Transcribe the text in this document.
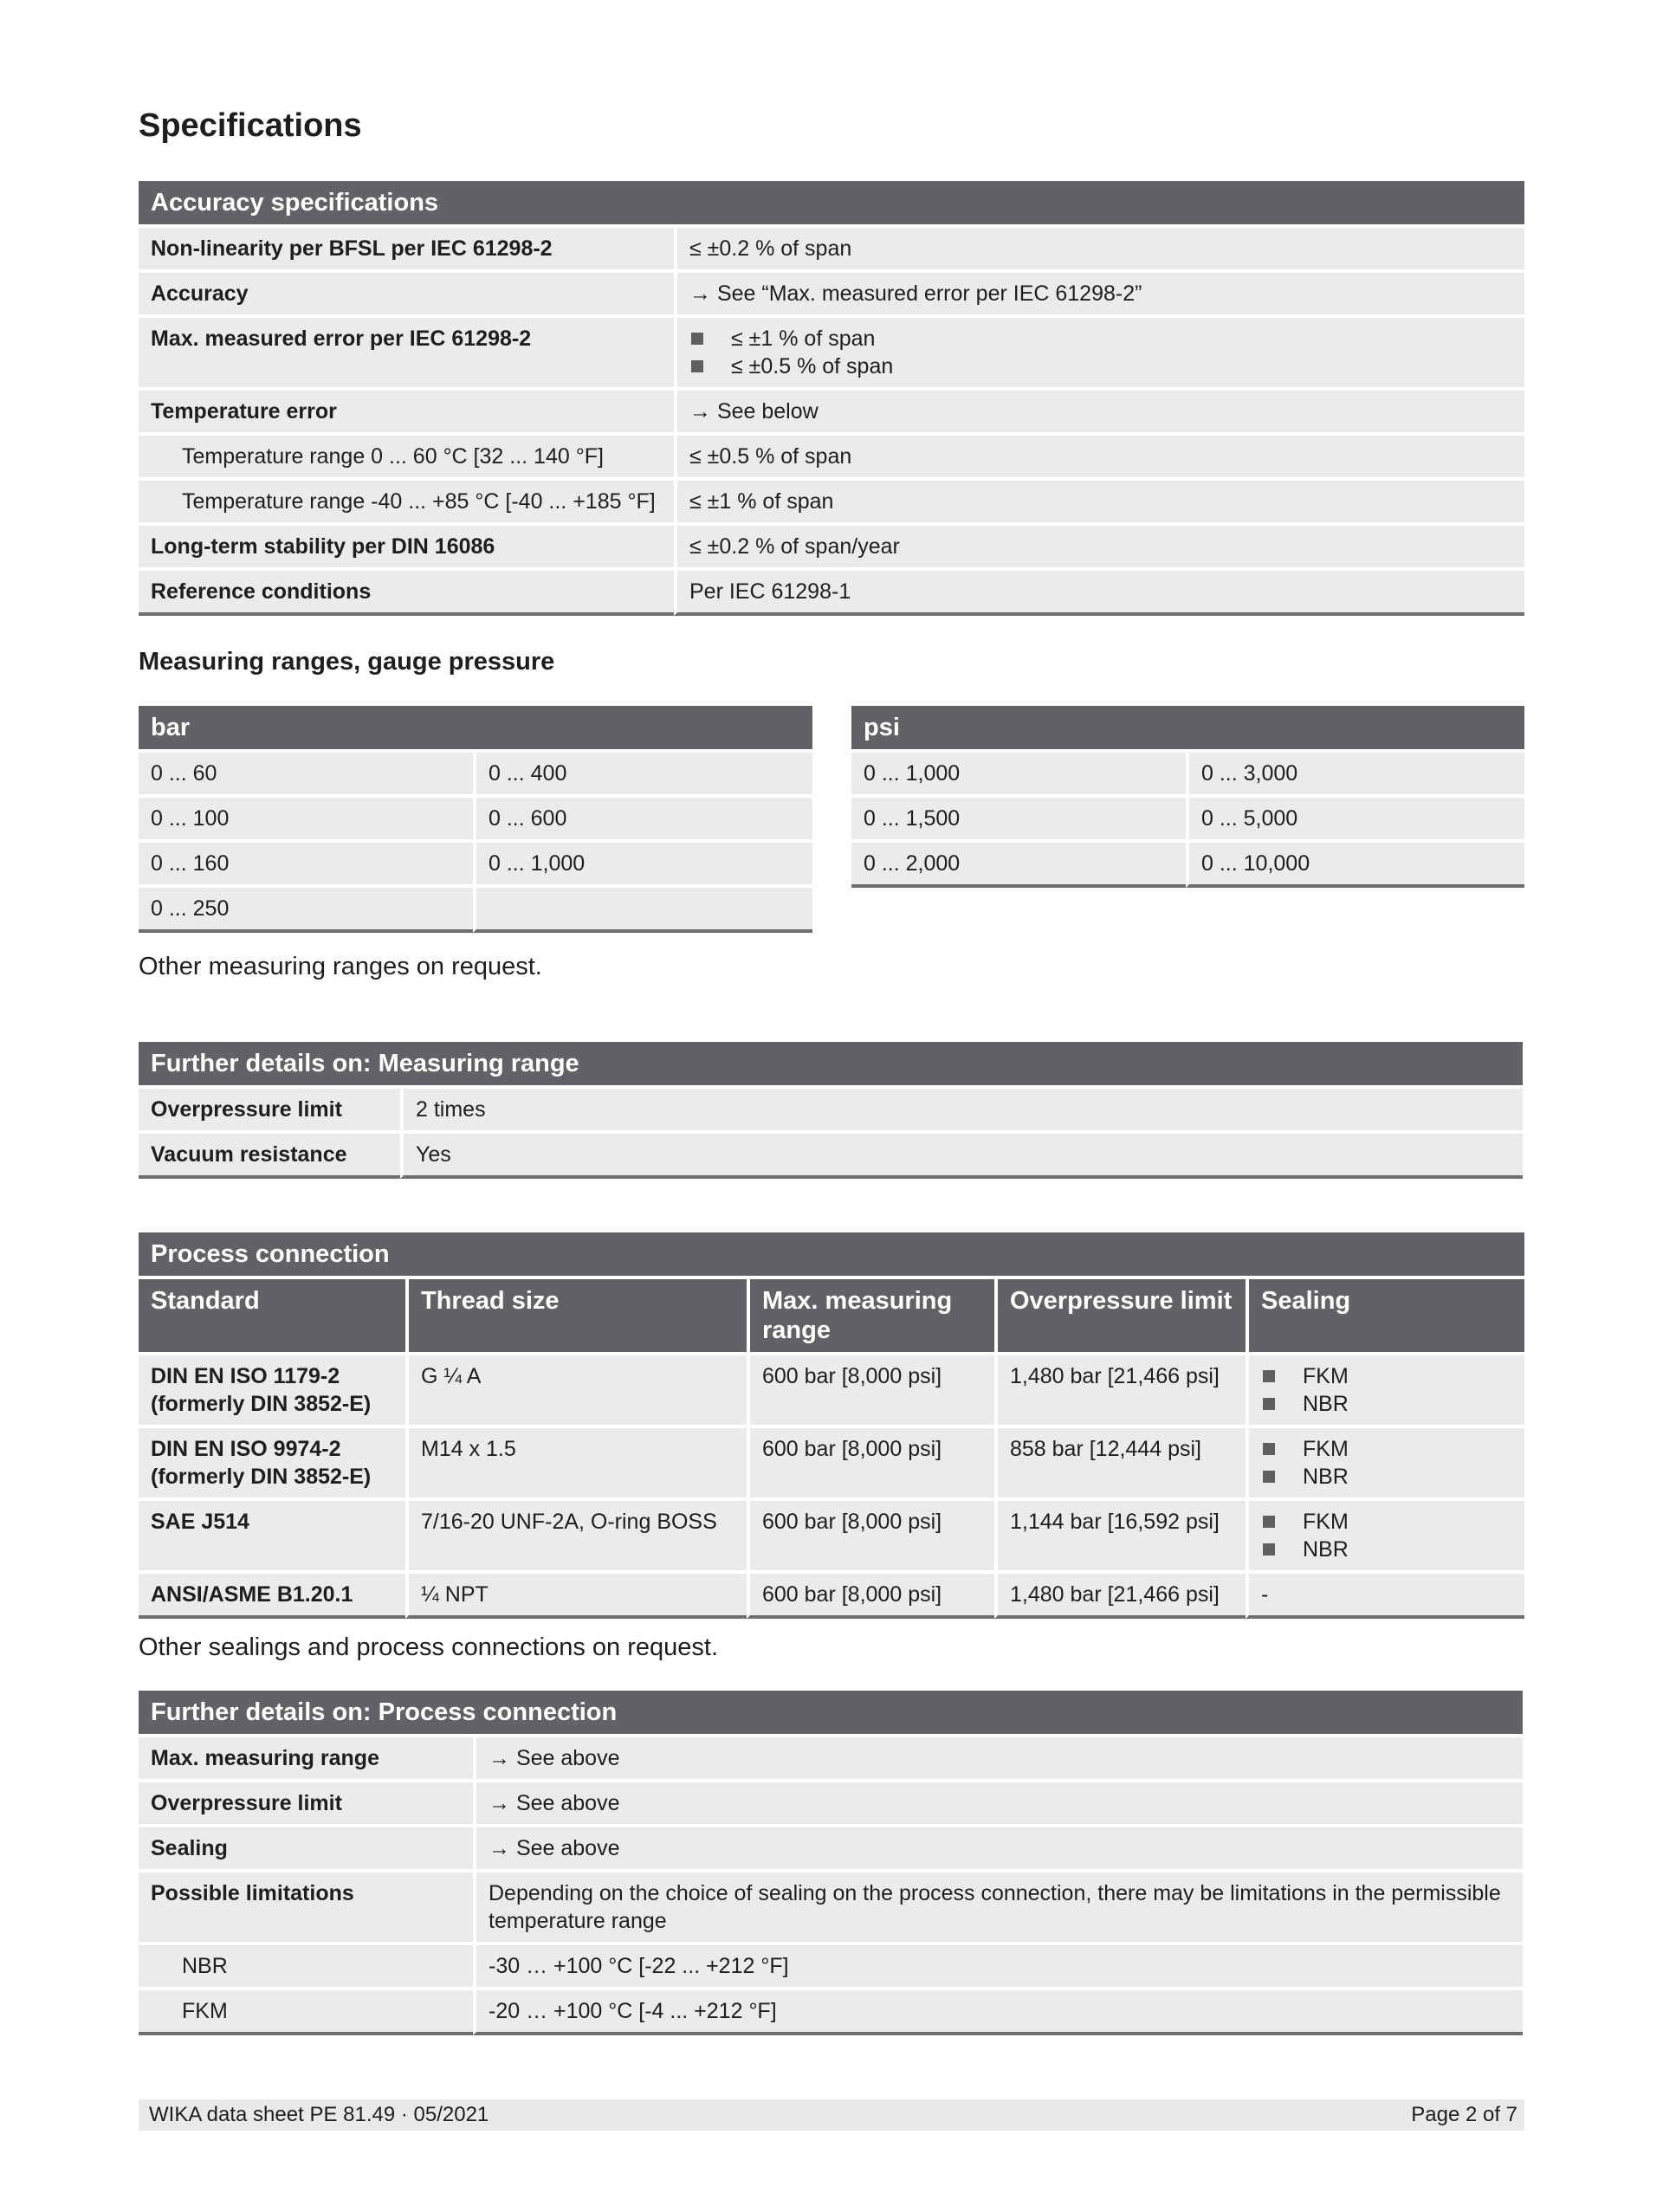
Specifications
Accuracy specifications	
Non-linearity per BFSL per IEC 61298-2	≤ ±0.2 % of span
Accuracy	→ See “Max. measured error per IEC 61298-2”
Max. measured error per IEC 61298-2	≤ ±1 % of span
≤ ±0.5 % of span

Temperature error	→ See below
Temperature range 0 ... 60 °C [32 ... 140 °F]	≤ ±0.5 % of span
Temperature range -40 ... +85 °C [-40 ... +185 °F]	≤ ±1 % of span
Long-term stability per DIN 16086	≤ ±0.2 % of span/year
Reference conditions	Per IEC 61298-1
Measuring ranges, gauge pressure
bar	
0 ... 60	0 ... 400
0 ... 100	0 ... 600
0 ... 160	0 ... 1,000
0 ... 250	
psi	
0 ... 1,000	0 ... 3,000
0 ... 1,500	0 ... 5,000
0 ... 2,000	0 ... 10,000

Other measuring ranges on request.

Further details on: Measuring range	
Overpressure limit	2 times
Vacuum resistance	Yes
Process connection				
Standard	Thread size	Max. measuring range	Overpressure limit	Sealing
DIN EN ISO 1179-2 (formerly DIN 3852-E)	G ¼ A	600 bar [8,000 psi]	1,480 bar [21,466 psi]	FKM
NBR

DIN EN ISO 9974-2 (formerly DIN 3852-E)	M14 x 1.5	600 bar [8,000 psi]	858 bar [12,444 psi]	FKM
NBR

SAE J514	7/16-20 UNF-2A, O-ring BOSS	600 bar [8,000 psi]	1,144 bar [16,592 psi]	FKM
NBR

ANSI/ASME B1.20.1	¼ NPT	600 bar [8,000 psi]	1,480 bar [21,466 psi]	-

Other sealings and process connections on request.

Further details on: Process connection	
Max. measuring range	→ See above
Overpressure limit	→ See above
Sealing	→ See above
Possible limitations	Depending on the choice of sealing on the process connection, there may be limitations in the permissible temperature range
NBR	-30 … +100 °C [-22 ... +212 °F]
FKM	-20 … +100 °C [-4 ... +212 °F]
WIKA data sheet PE 81.49 · 05/2021	Page 2 of 7
